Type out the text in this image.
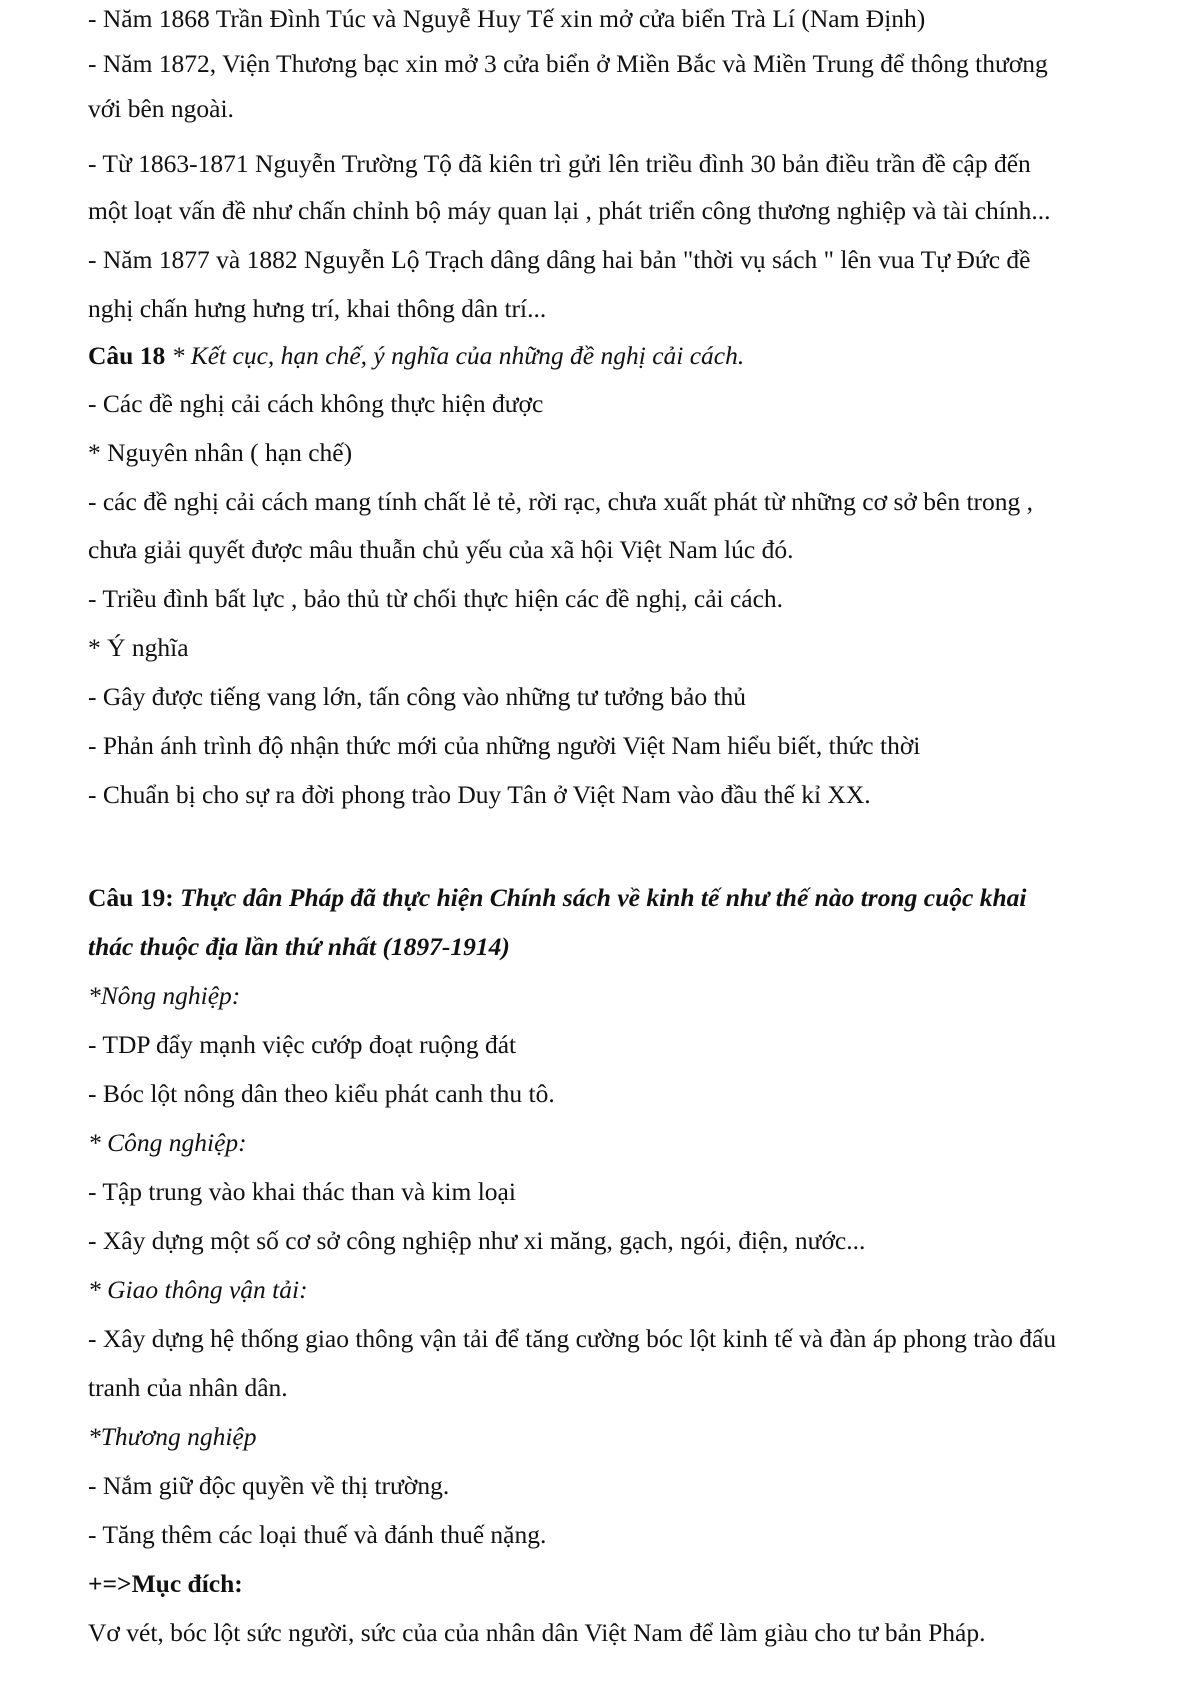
- Năm 1868 Trần Đình Túc và Nguyễ Huy Tế xin mở cửa biển Trà Lí (Nam Định)
- Năm 1872, Viện Thương bạc xin mở 3 cửa biển ở Miền Bắc và Miền Trung để thông thương
với bên ngoài.
- Từ 1863-1871 Nguyễn Trường Tộ đã kiên trì gửi lên triều đình 30 bản điều trần đề cập đến
một loạt vấn đề như chấn chỉnh bộ máy quan lại , phát triển công thương nghiệp và tài chính...
- Năm 1877 và 1882 Nguyễn Lộ Trạch dâng dâng hai bản "thời vụ sách " lên vua Tự Đức đề
nghị chấn hưng hưng trí, khai thông dân trí...
Câu 18 * Kết cục, hạn chế, ý nghĩa của những đề nghị cải cách.
- Các đề nghị cải cách không thực hiện được
* Nguyên nhân ( hạn chế)
- các đề nghị cải cách mang tính chất lẻ tẻ, rời rạc, chưa xuất phát từ những cơ sở bên trong ,
chưa giải quyết được mâu thuẫn chủ yếu của xã hội Việt Nam lúc đó.
- Triều đình bất lực , bảo thủ từ chối thực hiện các đề nghị, cải cách.
* Ý nghĩa
- Gây được tiếng vang lớn, tấn công vào những tư tưởng bảo thủ
- Phản ánh trình độ nhận thức mới của những người Việt Nam hiểu biết, thức thời
- Chuẩn bị cho sự ra đời phong trào Duy Tân ở Việt Nam vào đầu thế kỉ XX.
Câu 19: Thực dân Pháp đã thực hiện Chính sách về kinh tế như thế nào trong cuộc khai
thác thuộc địa lần thứ nhất (1897-1914)
*Nông nghiệp:
- TDP đẩy mạnh việc cướp đoạt ruộng đát
- Bóc lột nông dân theo kiểu phát canh thu tô.
* Công nghiệp:
- Tập trung vào khai thác than và kim loại
- Xây dựng một số cơ sở công nghiệp như xi măng, gạch, ngói, điện, nước...
* Giao thông vận tải:
- Xây dựng hệ thống giao thông vận tải để tăng cường bóc lột kinh tế và đàn áp phong trào đấu
tranh của nhân dân.
*Thương nghiệp
- Nắm giữ độc quyền về thị trường.
- Tăng thêm các loại thuế và đánh thuế nặng.
+=>Mục đích:
Vơ vét, bóc lột sức người, sức của của nhân dân Việt Nam để làm giàu cho tư bản Pháp.
